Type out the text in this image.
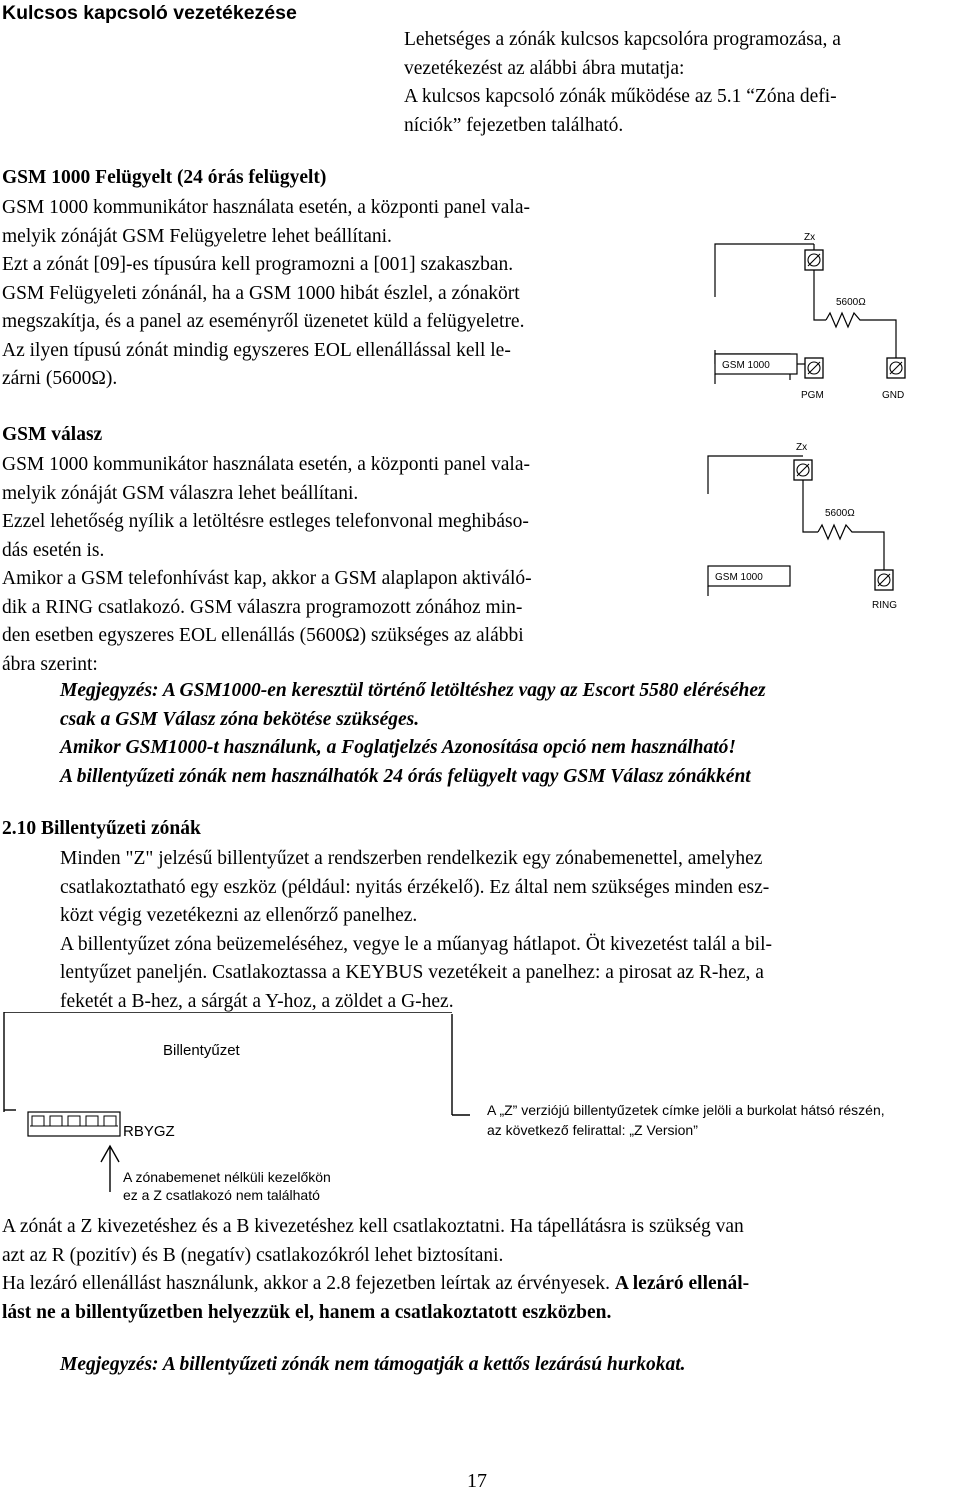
Kulcsos kapcsoló vezetékezése
Lehetséges a zónák kulcsos kapcsolóra programozása, a
vezetékezést az alábbi ábra mutatja:
A kulcsos kapcsoló zónák működése az 5.1 “Zóna defi-
níciók” fejezetben található.
GSM 1000 Felügyelt (24 órás felügyelt)
GSM 1000 kommunikátor használata esetén, a központi panel vala-
melyik zónáját GSM Felügyeletre lehet beállítani.
Ezt a zónát [09]-es típusúra kell programozni a [001] szakaszban.
GSM Felügyeleti zónánál, ha a GSM 1000 hibát észlel, a zónakört
megszakítja, és a panel az eseményről üzenetet küld a felügyeletre.
Az ilyen típusú zónát mindig egyszeres EOL ellenállással kell le-
zárni (5600Ω).
Zx
5600Ω
GSM 1000
PGM	GND
GSM válasz
GSM 1000 kommunikátor használata esetén, a központi panel vala-
melyik zónáját GSM válaszra lehet beállítani.
Ezzel lehetőség nyílik a letöltésre estleges telefonvonal meghibáso-
dás esetén is.
Amikor a GSM telefonhívást kap, akkor a GSM alaplapon aktiváló-
dik a RING csatlakozó. GSM válaszra programozott zónához min-
den esetben egyszeres EOL ellenállás (5600Ω) szükséges az alábbi
ábra szerint:
Zx
5600Ω
GSM 1000
RING
Megjegyzés: A GSM1000-en keresztül történő letöltéshez vagy az Escort 5580 eléréséhez
csak a GSM Válasz zóna bekötése szükséges.
Amikor GSM1000-t használunk, a Foglatjelzés Azonosítása opció nem használható!
A billentyűzeti zónák nem használhatók 24 órás felügyelt vagy GSM Válasz zónákként
2.10 Billentyűzeti zónák
Minden "Z" jelzésű billentyűzet a rendszerben rendelkezik egy zónabemenettel, amelyhez
csatlakoztatható egy eszköz (például: nyitás érzékelő). Ez által nem szükséges minden esz-
közt végig vezetékezni az ellenőrző panelhez.
A billentyűzet zóna beüzemeléséhez, vegye le a műanyag hátlapot. Öt kivezetést talál a bil-
lentyűzet paneljén. Csatlakoztassa a KEYBUS vezetékeit a panelhez: a pirosat az R-hez, a
feketét a B-hez, a sárgát a Y-hoz, a zöldet a G-hez.
Billentyűzet
RBYGZ
A zónabemenet nélküli kezelőkön
ez a Z csatlakozó nem található
A „Z” verziójú billentyűzetek címke jelöli a burkolat hátsó részén,
az következő felirattal: „Z Version”
A zónát a Z kivezetéshez és a B kivezetéshez kell csatlakoztatni. Ha tápellátásra is szükség van
azt az R (pozitív) és B (negatív) csatlakozókról lehet biztosítani.
Ha lezáró ellenállást használunk, akkor a 2.8 fejezetben leírtak az érvényesek. A lezáró ellenál-
lást ne a billentyűzetben helyezzük el, hanem a csatlakoztatott eszközben.
Megjegyzés: A billentyűzeti zónák nem támogatják a kettős lezárású hurkokat.
17
